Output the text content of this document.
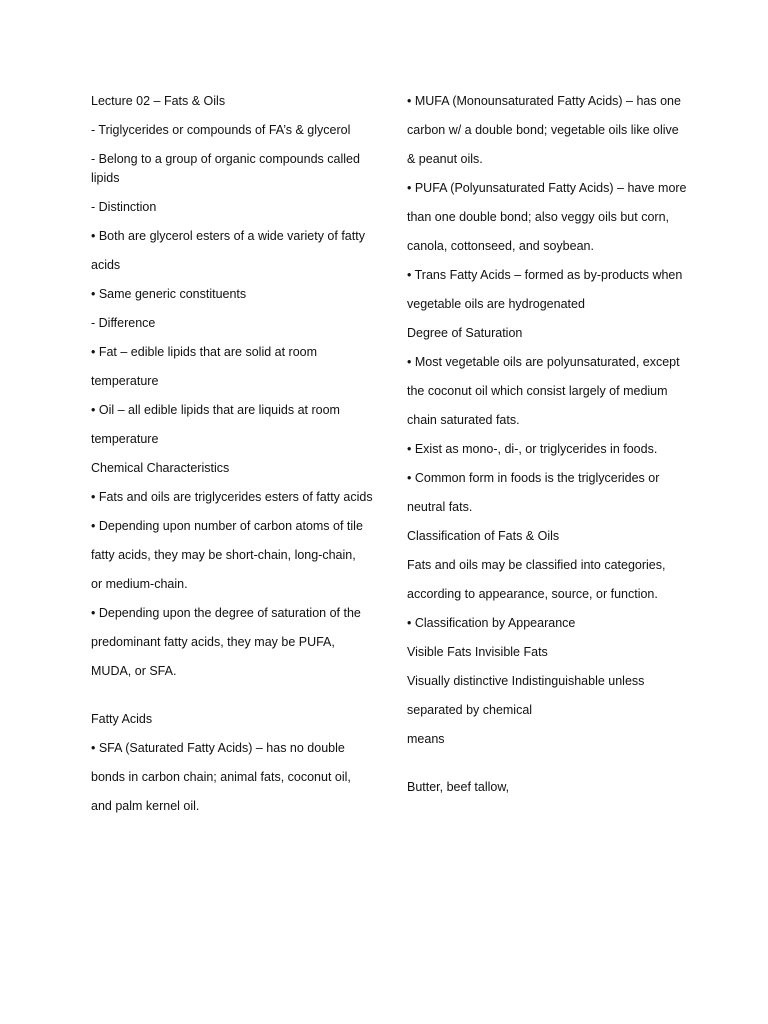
Lecture 02 – Fats & Oils
- Triglycerides or compounds of FA’s & glycerol
- Belong to a group of organic compounds called lipids
- Distinction
• Both are glycerol esters of a wide variety of fatty
acids
• Same generic constituents
- Difference
• Fat – edible lipids that are solid at room
temperature
• Oil – all edible lipids that are liquids at room
temperature
Chemical Characteristics
• Fats and oils are triglycerides esters of fatty acids
• Depending upon number of carbon atoms of tile
fatty acids, they may be short-chain, long-chain,
or medium-chain.
• Depending upon the degree of saturation of the
predominant fatty acids, they may be PUFA,
MUDA, or SFA.
Fatty Acids
• SFA (Saturated Fatty Acids) – has no double
bonds in carbon chain; animal fats, coconut oil,
and palm kernel oil.
• MUFA (Monounsaturated Fatty Acids) – has one
carbon w/ a double bond; vegetable oils like olive
& peanut oils.
• PUFA (Polyunsaturated Fatty Acids) – have more
than one double bond; also veggy oils but corn,
canola, cottonseed, and soybean.
• Trans Fatty Acids – formed as by-products when
vegetable oils are hydrogenated
Degree of Saturation
• Most vegetable oils are polyunsaturated, except
the coconut oil which consist largely of medium
chain saturated fats.
• Exist as mono-, di-, or triglycerides in foods.
• Common form in foods is the triglycerides or
neutral fats.
Classification of Fats & Oils
Fats and oils may be classified into categories,
according to appearance, source, or function.
• Classification by Appearance
Visible Fats Invisible Fats
Visually distinctive Indistinguishable unless
separated by chemical
means
Butter, beef tallow,
